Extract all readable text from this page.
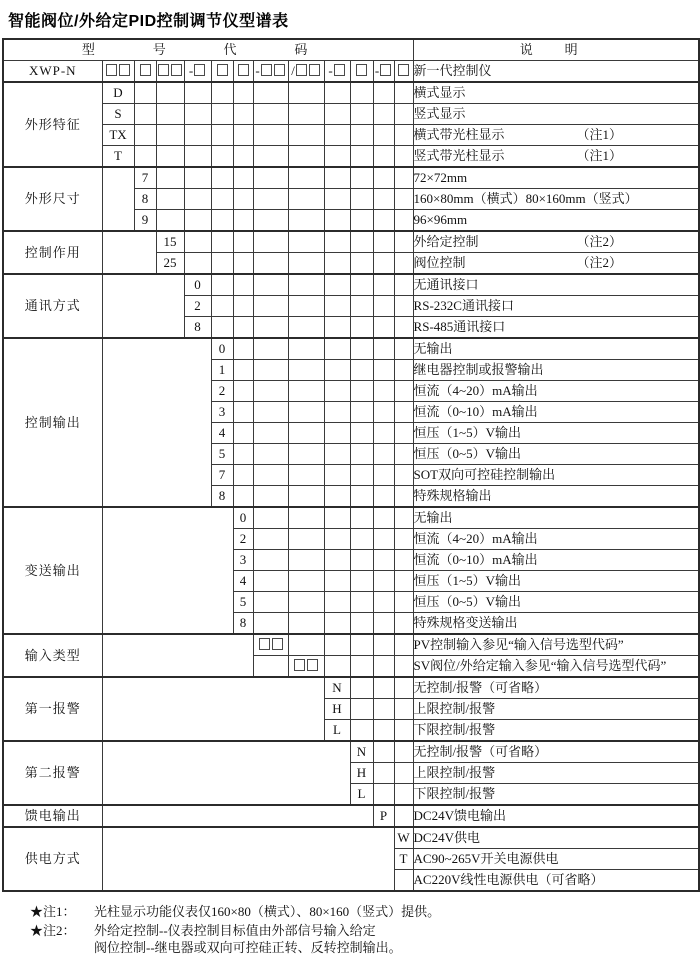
智能阀位/外给定PID控制调节仪型谱表
型 号 代 码													说 明
XWP-N				-			-	/	-		-		新一代控制仪
外形特征	D												横式显示
	S												竖式显示
	TX												横式带光柱显示 （注1）

	T												竖式带光柱显示 （注1）

外形尺寸		7											72×72mm
		8											160×80mm（横式）80×160mm（竖式）
		9											96×96mm
控制作用			15										外给定控制 （注2）

			25										阀位控制 （注2）

通讯方式				0									无通讯接口
				2									RS-232C通讯接口
				8									RS-485通讯接口
控制输出					0								无输出
					1								继电器控制或报警输出
					2								恒流（4~20）mA输出
					3								恒流（0~10）mA输出
					4								恒压（1~5）V输出
					5								恒压（0~5）V输出
					7								SOT双向可控硅控制输出
					8								特殊规格输出
变送输出						0							无输出
						2							恒流（4~20）mA输出
						3							恒流（0~10）mA输出
						4							恒压（1~5）V输出
						5							恒压（0~5）V输出
						8							特殊规格变送输出
输入类型													PV控制输入参见“输入信号选型代码”
													SV阀位/外给定输入参见“输入信号选型代码”
第一报警									N				无控制/报警（可省略）
									H				上限控制/报警
									L				下限控制/报警
第二报警										N			无控制/报警（可省略）
										H			上限控制/报警
										L			下限控制/报警
馈电输出											P		DC24V馈电输出
供电方式												W	DC24V供电
												T	AC90~265V开关电源供电
													AC220V线性电源供电（可省略）
★注1：	光柱显示功能仪表仅160×80（横式）、80×160（竖式）提供。
★注2：	外给定控制--仪表控制目标值由外部信号输入给定
阀位控制--继电器或双向可控硅正转、反转控制输出。
